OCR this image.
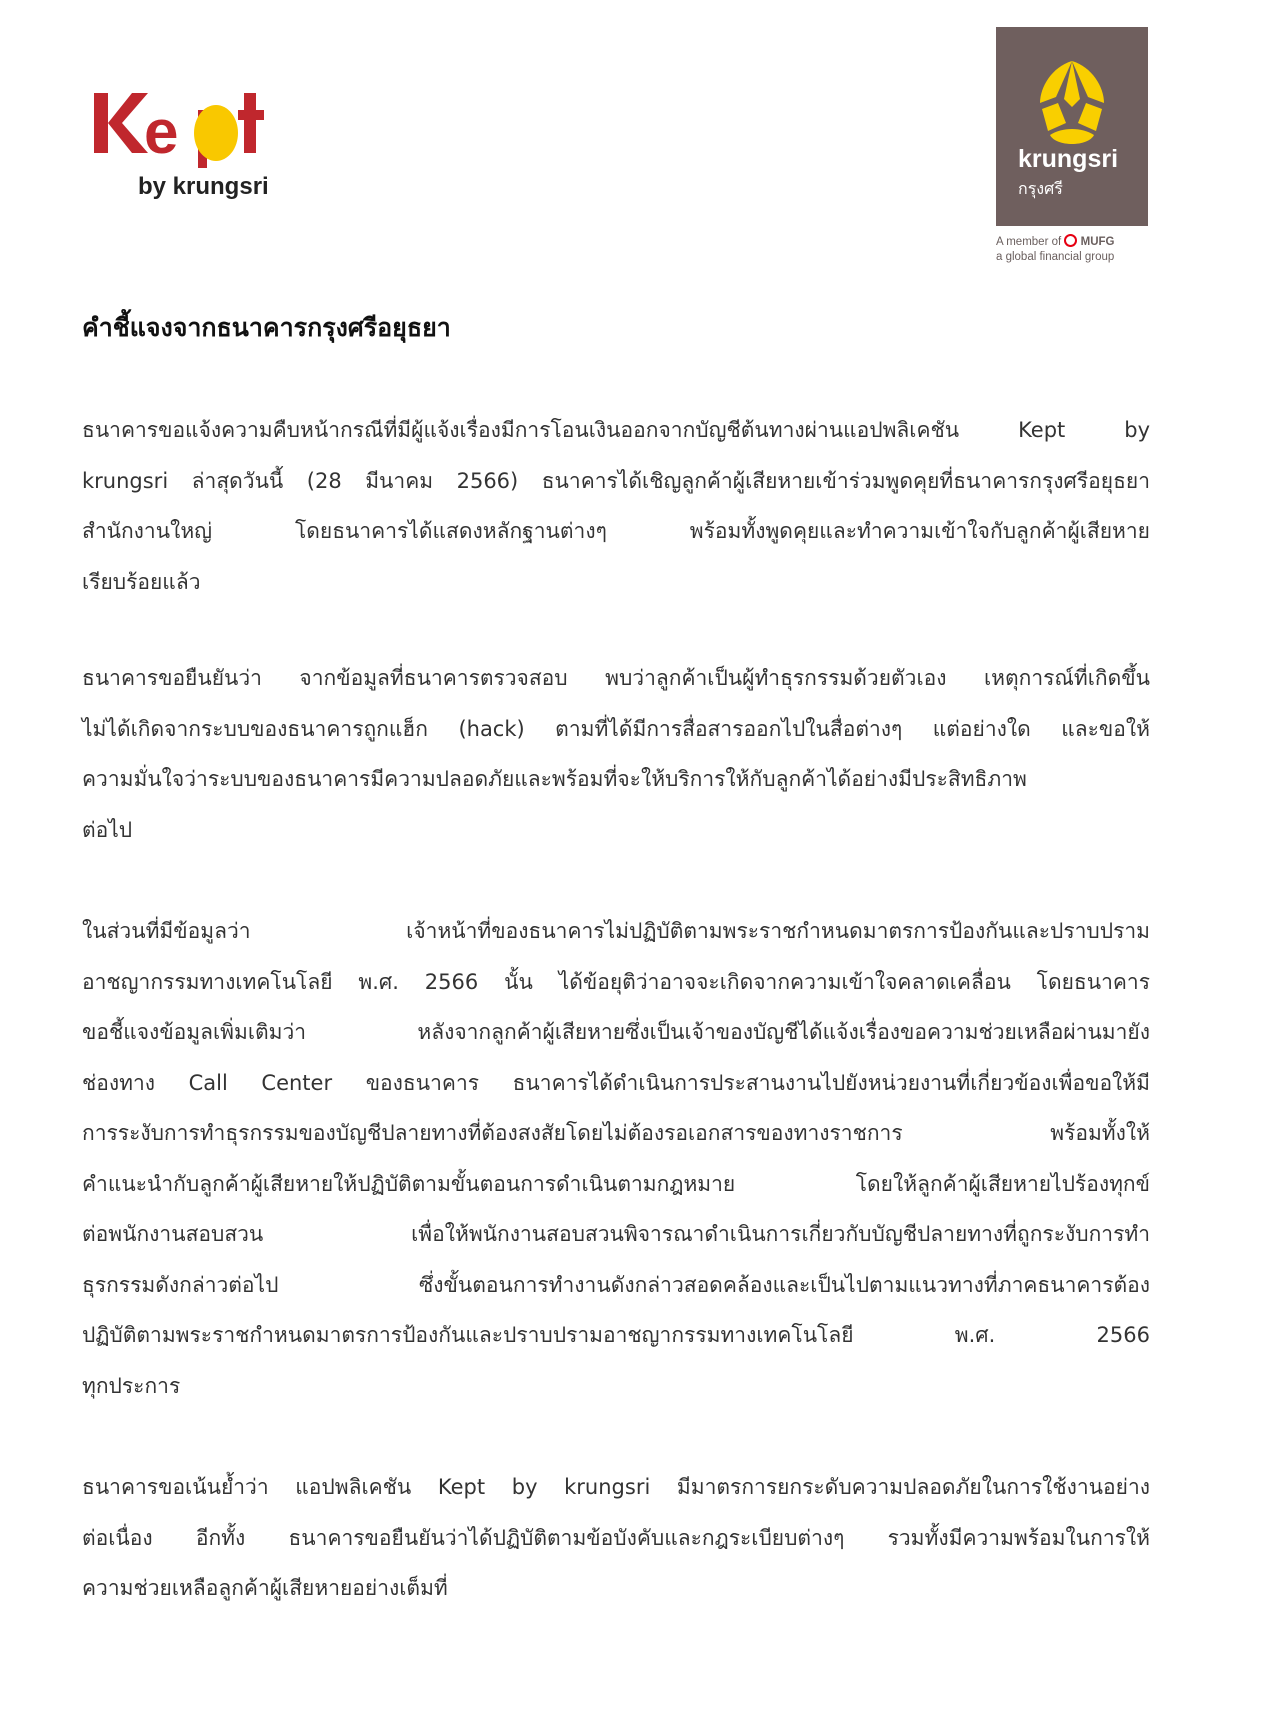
e
by krungsri
krungsri
กรุงศรี
A member of MUFG
a global financial group
คำชี้แจงจากธนาคารกรุงศรีอยุธยา
ธนาคารขอแจ้งความคืบหน้ากรณีที่มีผู้แจ้งเรื่องมีการโอนเงินออกจากบัญชีต้นทางผ่านแอปพลิเคชัน Kept by
krungsri ล่าสุดวันนี้ (28 มีนาคม 2566) ธนาคารได้เชิญลูกค้าผู้เสียหายเข้าร่วมพูดคุยที่ธนาคารกรุงศรีอยุธยา
สำนักงานใหญ่ โดยธนาคารได้แสดงหลักฐานต่างๆ พร้อมทั้งพูดคุยและทำความเข้าใจกับลูกค้าผู้เสียหาย
เรียบร้อยแล้ว
ธนาคารขอยืนยันว่า จากข้อมูลที่ธนาคารตรวจสอบ พบว่าลูกค้าเป็นผู้ทำธุรกรรมด้วยตัวเอง เหตุการณ์ที่เกิดขึ้น
ไม่ได้เกิดจากระบบของธนาคารถูกแฮ็ก (hack) ตามที่ได้มีการสื่อสารออกไปในสื่อต่างๆ แต่อย่างใด และขอให้
ความมั่นใจว่าระบบของธนาคารมีความปลอดภัยและพร้อมที่จะให้บริการให้กับลูกค้าได้อย่างมีประสิทธิภาพ
ต่อไป
ในส่วนที่มีข้อมูลว่า เจ้าหน้าที่ของธนาคารไม่ปฏิบัติตามพระราชกำหนดมาตรการป้องกันและปราบปราม
อาชญากรรมทางเทคโนโลยี พ.ศ. 2566 นั้น ได้ข้อยุติว่าอาจจะเกิดจากความเข้าใจคลาดเคลื่อน โดยธนาคาร
ขอชี้แจงข้อมูลเพิ่มเติมว่า หลังจากลูกค้าผู้เสียหายซึ่งเป็นเจ้าของบัญชีได้แจ้งเรื่องขอความช่วยเหลือผ่านมายัง
ช่องทาง Call Center ของธนาคาร ธนาคารได้ดำเนินการประสานงานไปยังหน่วยงานที่เกี่ยวข้องเพื่อขอให้มี
การระงับการทำธุรกรรมของบัญชีปลายทางที่ต้องสงสัยโดยไม่ต้องรอเอกสารของทางราชการ พร้อมทั้งให้
คำแนะนำกับลูกค้าผู้เสียหายให้ปฏิบัติตามขั้นตอนการดำเนินตามกฎหมาย โดยให้ลูกค้าผู้เสียหายไปร้องทุกข์
ต่อพนักงานสอบสวน เพื่อให้พนักงานสอบสวนพิจารณาดำเนินการเกี่ยวกับบัญชีปลายทางที่ถูกระงับการทำ
ธุรกรรมดังกล่าวต่อไป ซึ่งขั้นตอนการทำงานดังกล่าวสอดคล้องและเป็นไปตามแนวทางที่ภาคธนาคารต้อง
ปฏิบัติตามพระราชกำหนดมาตรการป้องกันและปราบปรามอาชญากรรมทางเทคโนโลยี พ.ศ. 2566
ทุกประการ
ธนาคารขอเน้นย้ำว่า แอปพลิเคชัน Kept by krungsri มีมาตรการยกระดับความปลอดภัยในการใช้งานอย่าง
ต่อเนื่อง อีกทั้ง ธนาคารขอยืนยันว่าได้ปฏิบัติตามข้อบังคับและกฎระเบียบต่างๆ รวมทั้งมีความพร้อมในการให้
ความช่วยเหลือลูกค้าผู้เสียหายอย่างเต็มที่
